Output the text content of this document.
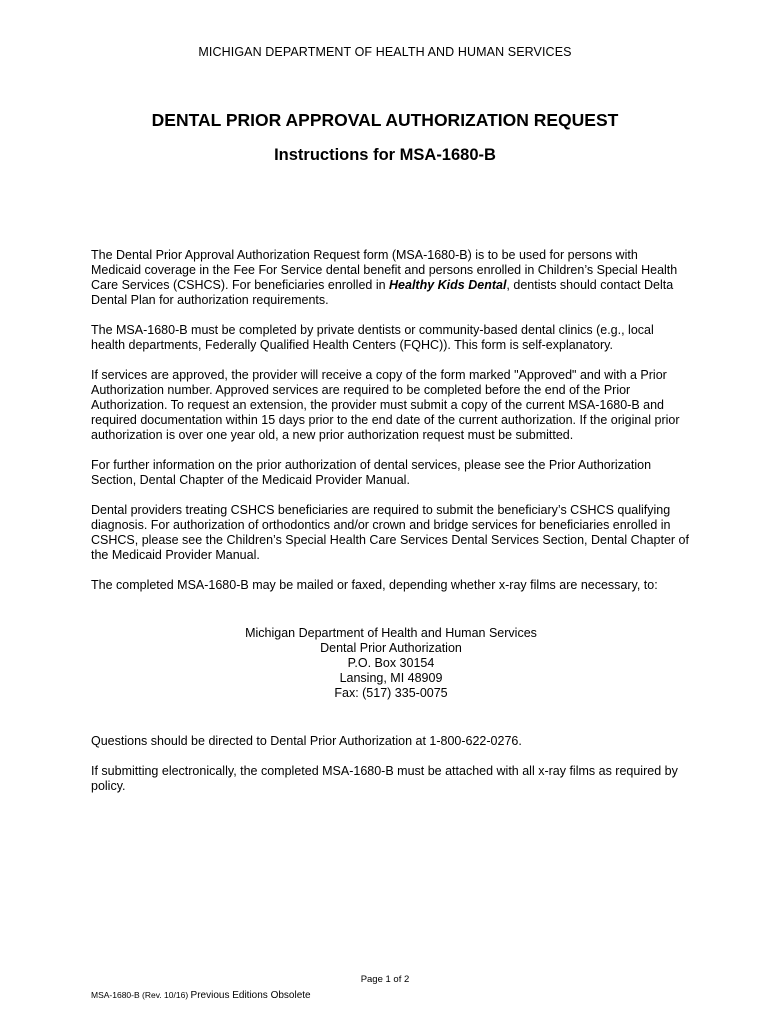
MICHIGAN DEPARTMENT OF HEALTH AND HUMAN SERVICES
DENTAL PRIOR APPROVAL AUTHORIZATION REQUEST
Instructions for MSA-1680-B

The Dental Prior Approval Authorization Request form (MSA-1680-B) is to be used for persons with Medicaid coverage in the Fee For Service dental benefit and persons enrolled in Children’s Special Health Care Services (CSHCS). For beneficiaries enrolled in Healthy Kids Dental, dentists should contact Delta Dental Plan for authorization requirements.

The MSA-1680-B must be completed by private dentists or community-based dental clinics (e.g., local health departments, Federally Qualified Health Centers (FQHC)). This form is self-explanatory.

If services are approved, the provider will receive a copy of the form marked "Approved" and with a Prior Authorization number. Approved services are required to be completed before the end of the Prior Authorization. To request an extension, the provider must submit a copy of the current MSA-1680-B and required documentation within 15 days prior to the end date of the current authorization. If the original prior authorization is over one year old, a new prior authorization request must be submitted.

For further information on the prior authorization of dental services, please see the Prior Authorization Section, Dental Chapter of the Medicaid Provider Manual.

Dental providers treating CSHCS beneficiaries are required to submit the beneficiary’s CSHCS qualifying diagnosis. For authorization of orthodontics and/or crown and bridge services for beneficiaries enrolled in CSHCS, please see the Children’s Special Health Care Services Dental Services Section, Dental Chapter of the Medicaid Provider Manual.

The completed MSA-1680-B may be mailed or faxed, depending whether x-ray films are necessary, to:

Michigan Department of Health and Human Services
Dental Prior Authorization
P.O. Box 30154
Lansing, MI 48909
Fax: (517) 335-0075

Questions should be directed to Dental Prior Authorization at 1-800-622-0276.

If submitting electronically, the completed MSA-1680-B must be attached with all x-ray films as required by policy.

Page 1 of 2
MSA-1680-B (Rev. 10/16) Previous Editions Obsolete
